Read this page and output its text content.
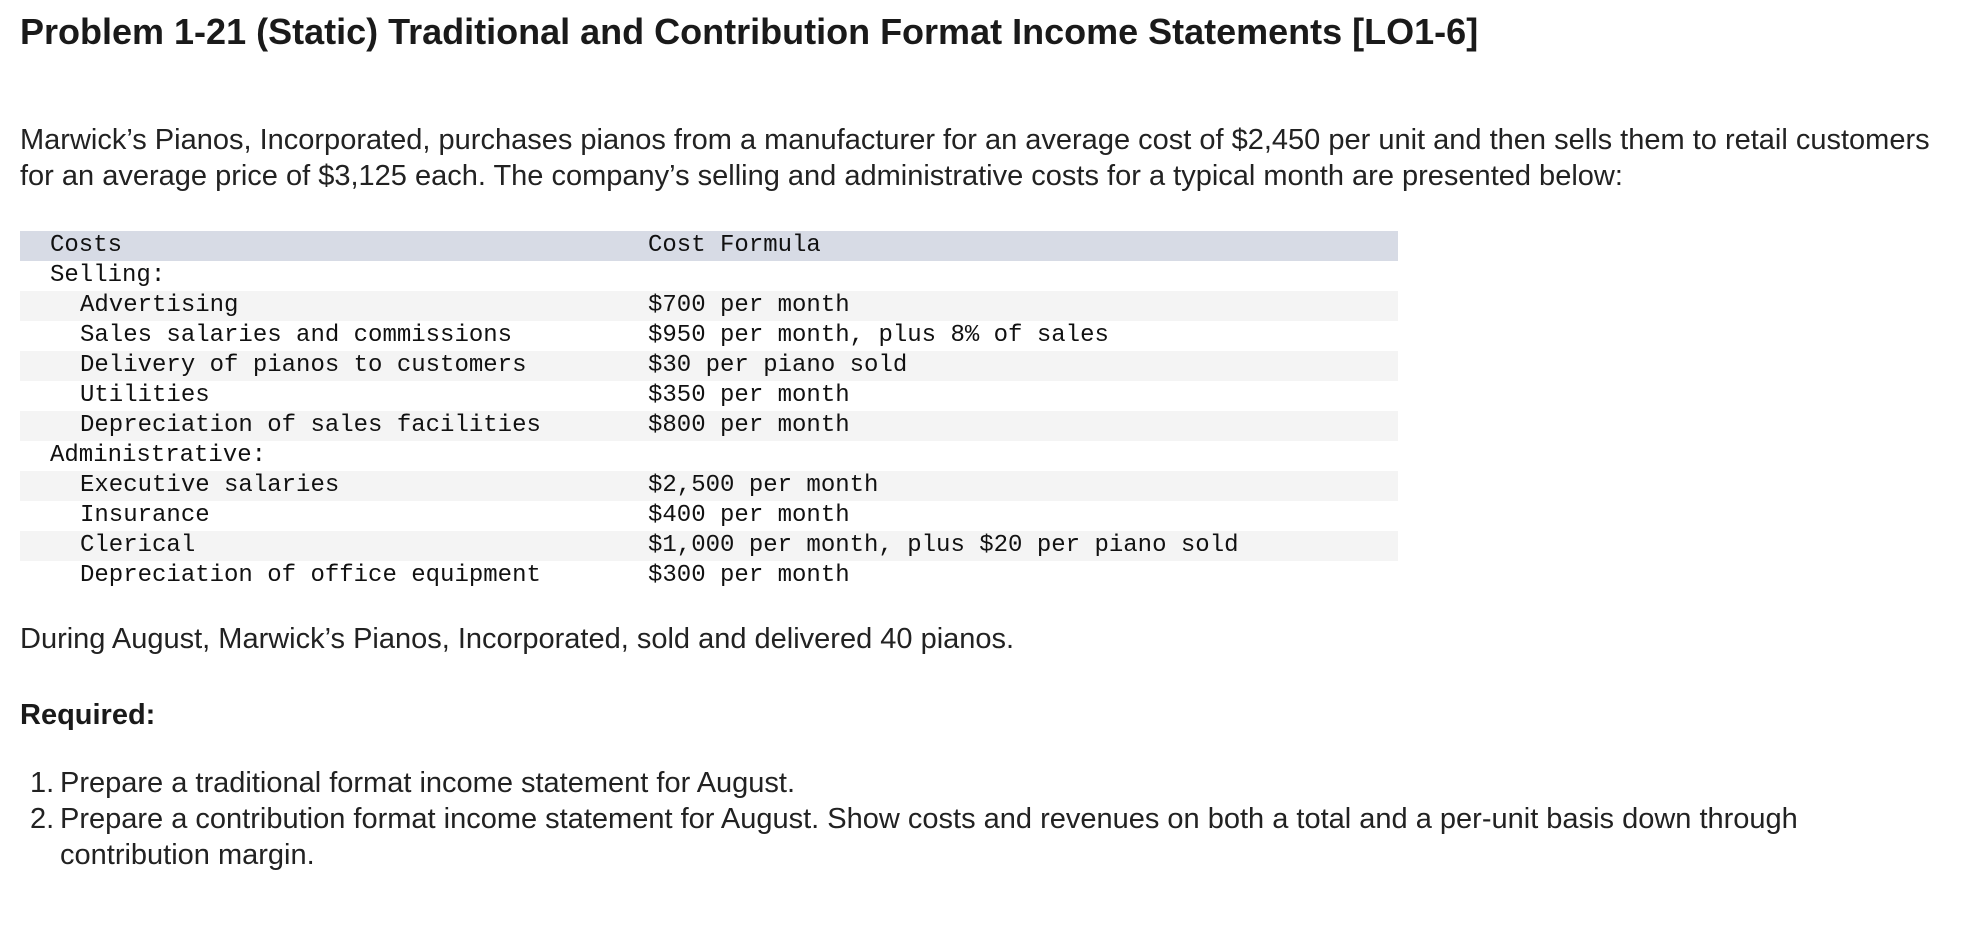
Problem 1-21 (Static) Traditional and Contribution Format Income Statements [LO1-6]

Marwick’s Pianos, Incorporated, purchases pianos from a manufacturer for an average cost of $2,450 per unit and then sells them to retail customers for an average price of $3,125 each. The company’s selling and administrative costs for a typical month are presented below:

Costs	Cost Formula
Selling:	
Advertising	$700 per month
Sales salaries and commissions	$950 per month, plus 8% of sales
Delivery of pianos to customers	$30 per piano sold
Utilities	$350 per month
Depreciation of sales facilities	$800 per month
Administrative:	
Executive salaries	$2,500 per month
Insurance	$400 per month
Clerical	$1,000 per month, plus $20 per piano sold
Depreciation of office equipment	$300 per month

During August, Marwick’s Pianos, Incorporated, sold and delivered 40 pianos.

Required:

1. Prepare a traditional format income statement for August.
2. Prepare a contribution format income statement for August. Show costs and revenues on both a total and a per-unit basis down through contribution margin.
